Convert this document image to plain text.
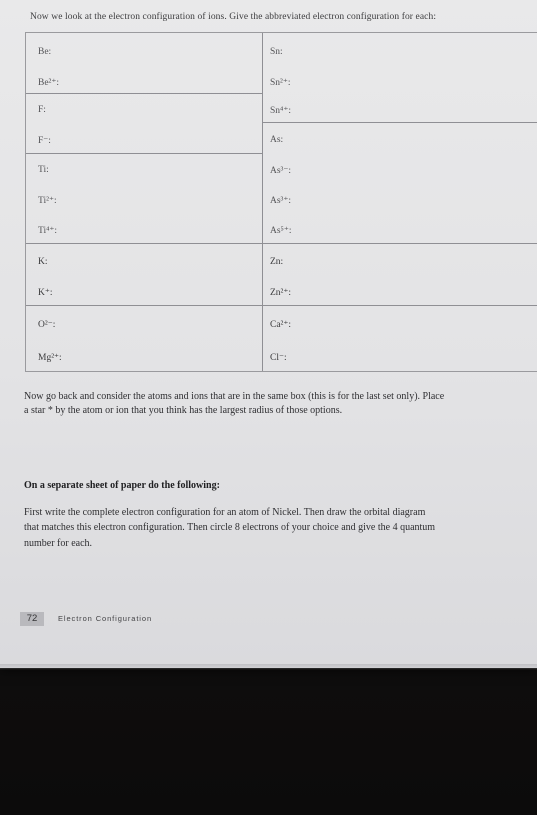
Now we look at the electron configuration of ions. Give the abbreviated electron configuration for each:
Be:
Be²⁺:
F:
F⁻:
Ti:
Ti²⁺:
Ti⁴⁺:
K:
K⁺:
O²⁻:
Mg²⁺:
Sn:
Sn²⁺:
Sn⁴⁺:
As:
As³⁻:
As³⁺:
As⁵⁺:
Zn:
Zn²⁺:
Ca²⁺:
Cl⁻:
Now go back and consider the atoms and ions that are in the same box (this is for the last set only). Place
a star * by the atom or ion that you think has the largest radius of those options.
On a separate sheet of paper do the following:
First write the complete electron configuration for an atom of Nickel. Then draw the orbital diagram
that matches this electron configuration. Then circle 8 electrons of your choice and give the 4 quantum
number for each.
72	Electron Configuration
